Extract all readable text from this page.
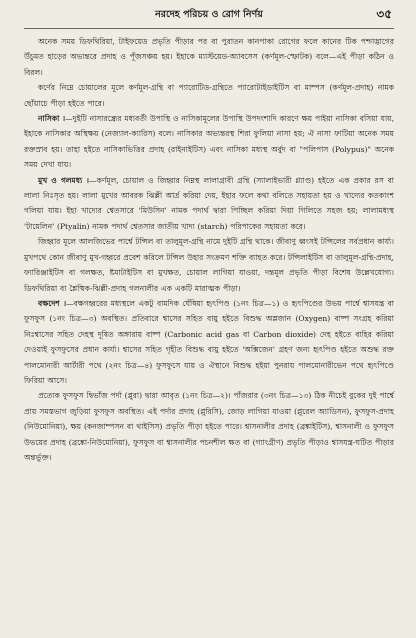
নরদেহ পরিচয় ও রোগ নির্ণয়	৩৫

অনেক সময় ডিফথিরিয়া, টাইফয়েড প্রভৃতি পীড়ার পর বা পুরাতন কানপাকা রোগের ফলে কানের টিক পশ্চাদ্ভাগের উঁচুমত হাড়ের অভ্যন্তরে প্রদাহ ও পূঁজসঞ্চয় হয়। ইহাকে ম্যাস্টয়েড-অ্যাবসেস (কর্ণমূল-স্ফোটক) বলে—এই পীড়া কঠিন ও বিরল।

কর্ণের নিম্নে চোয়ালের মূলে কর্ণমূল-গ্রন্থি বা প্যারোটিড-গ্রন্থিতে প্যারোটাইডাইটিস বা মাম্পস (কর্ণমূল-প্রদাহ) নামক ছোঁয়াচে পীড়া হইতে পারে।

নাসিকা ।—দুইটি নাসারন্ধ্রের মধ্যবর্তী উপাস্থি ও নাসিকামূলের উপাস্থি উপদংশাদি কারণে ক্ষয় পাইয়া নাসিকা বসিয়া যায়, ইহাকে নাসিকার অস্থিক্ষয় (নেজ্যাল-ক্যারিস) বলে। নাসিকার অভ্যন্তরস্থ শিরা ফুলিয়া নাসা হয়; ঐ নাসা ফাটিয়া অনেক সময় রক্তস্রাব হয়। তাহা হইতে নাসিকাভিত্তির প্রদাহ (রাইনাইটিস) এবং নাসিকা মধ্যস্থ অর্বুদ বা "পলিপাস (Polypus)" অনেক সময় দেখা যায়।

মুখ ও গলমধ্য ।—কর্ণমূল, চোয়াল ও জিহ্বার নিম্নস্থ লালাগ্রাবী গ্রন্থি (স্যালাইভারী গ্ল্যাণ্ড) হইতে এক প্রকার রস বা লালা নিঃসৃত হয়। লালা মুখের আবরক ঝিল্লী আর্দ্র করিয়া দেয়, ইহার ফলে কথা বলিতে সহায়তা হয় ও খাদ্যের কতকাংশ গলিয়া যায়। ইহা খাদ্যের শ্বেতসারে 'মিউসিন' নামক পদার্থ দ্বারা পিচ্ছিল করিয়া দিয়া গিলিতে সহজ হয়; লালামধ্যস্থ 'টায়েলিন' (Ptyalin) নামক পদার্থ শ্বেতসার জাতীয় খাদ্য (starch) পরিপাকের সহায়তা করে।

জিহ্বার মূলে আলজিভের পার্শ্বে টন্সিল বা তালুমূল-গ্রন্থি নামে দুইটি গ্রন্থি থাকে। জীবাণু ধ্বংসই টন্সিলের সর্বপ্রধান কার্য্য। মুখপথে কোন জীবাণু মুখ-গহ্বরে প্রবেশ করিলে টন্সিল উহার সংক্রমণ শক্তি ব্যাহত করে। টন্সিলাইটিস বা তালুমূল-গ্রন্থি-প্রদাহ, ফ্যারিঞ্জাইটিস বা গলক্ষত, ষ্টমাটাইটিস বা মুখক্ষত, চোয়াল লাগিয়া যাওয়া, দন্তমূল প্রভৃতি পীড়া বিশেষ উল্লেখযোগ্য। ডিফথিরিয়া বা শ্লৈষ্মিক-ঝিল্লী-প্রদাহ গলনালীর এক একটি মারাত্মক পীড়া।

বক্ষদেশ ।—বক্ষগহ্বরের মধ্যস্থলে একটু বামদিক ঘেঁষিয়া হৃৎপিণ্ড (১নং চিত্র—১) ও হৃৎপিণ্ডের উভয় পার্শ্বে শ্বাসযন্ত্র বা ফুসফুস (১নং চিত্র—৩) অবস্থিত। প্রতিবারে শ্বাসের সহিত বায়ু হইতে বিশুদ্ধ অম্লজান (Oxygen) বাষ্প সংগ্রহ করিয়া নিঃশ্বাসের সহিত দেহস্থ দূষিত অঙ্গারায় বাষ্প (Carbonic acid gas বা Carbon dioxide) দেহ হইতে বাহির করিয়া দেওয়াই ফুসফুসের প্রধান কার্য্য। শ্বাসের সহিত গৃহীত বিশুদ্ধ বায়ু হইতে 'অক্সিজেন' গ্রহণ জন্য হৃৎপিণ্ড হইতে অশুদ্ধ রক্ত পালমোনারী আর্টারী পথে (২নং চিত্র—৪) ফুসফুসে যায় ও ঐস্থানে বিশুদ্ধ হইয়া পুনরায় পালমোনারীভেন পথে হৃৎপিণ্ডে ফিরিয়া আসে।

প্রত্যেক ফুসফুস দ্বিভাঁজ পর্দা (প্লুরা) দ্বারা আবৃত (১নং চিত্র—২)। পাঁজরার (৩নং চিত্র—১৩) ঠিক নীচেই বুকের দুই পার্শ্বে প্রায় সমস্তভাগ জুড়িয়া ফুসফুস অবস্থিত। এই পর্দার প্রদাহ (প্লুরিসি), জোড় লাগিয়া যাওয়া (প্লুরেল অ্যাডিসন), ফুসফুস-প্রদাহ (নিউমোনিয়া), ক্ষয় (কনজাম্পসন বা থাইসিস) প্রভৃতি পীড়া হইতে পারে। শ্বাসনালীর প্রদাহ (ব্রঙ্কাইটিস), শ্বাসনালী ও ফুসফুস উভয়ের প্রদাহ (ব্রঙ্কো-নিউমোনিয়া), ফুসফুস বা শ্বাসনালীর পচনশীল ক্ষত বা (গ্যাংগ্রীণ) প্রভৃতি পীড়াও শ্বাসযন্ত্র-ঘটিত পীড়ার অন্তর্ভুক্ত।
